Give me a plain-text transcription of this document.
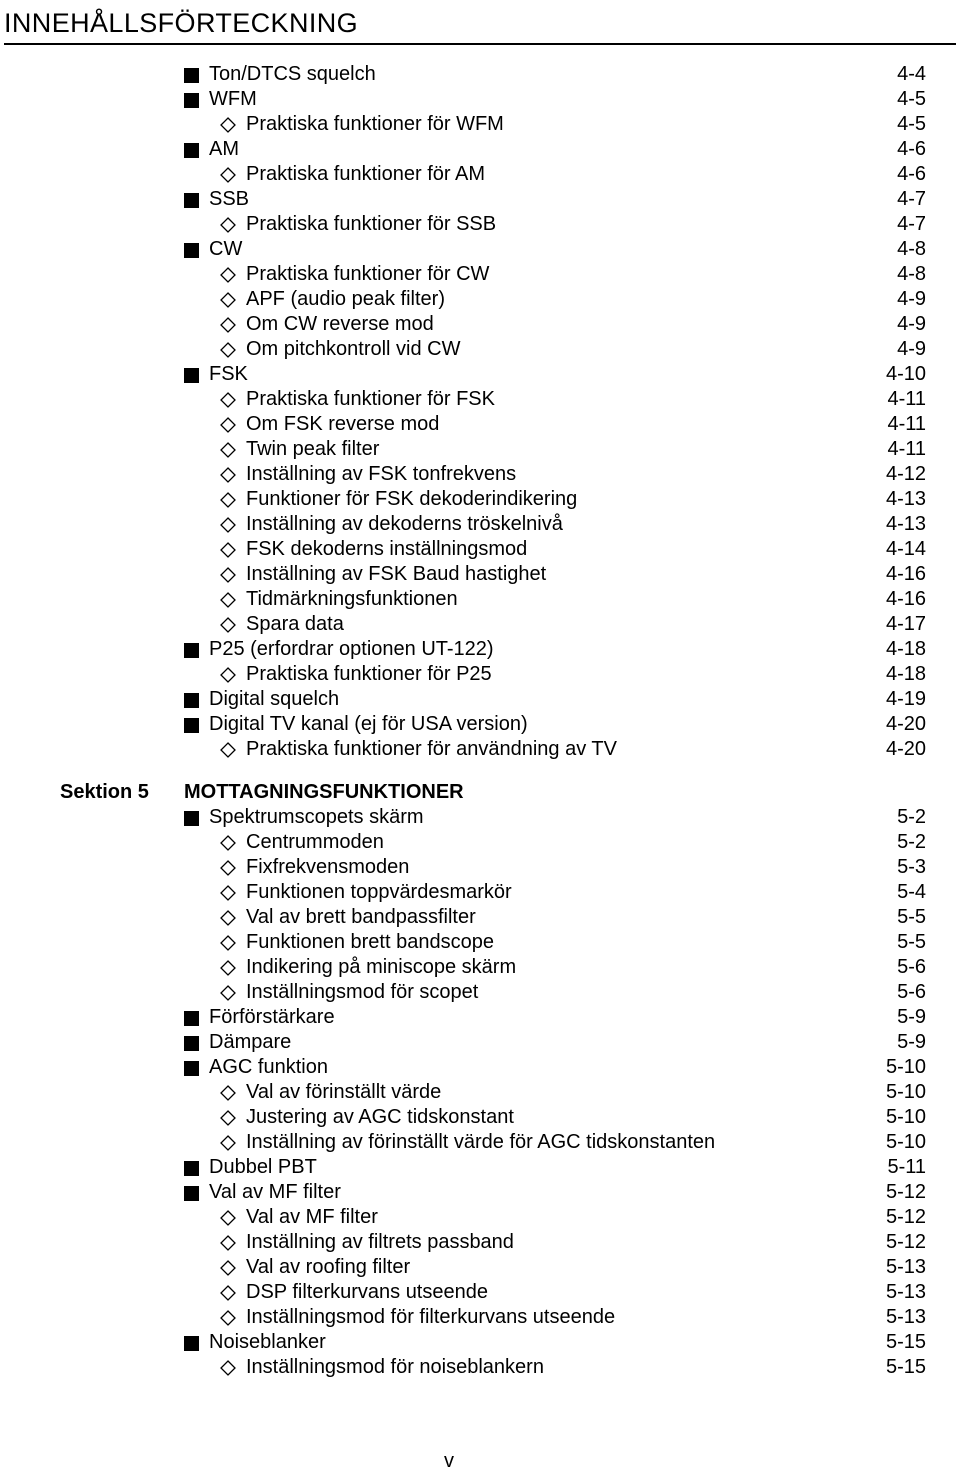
INNEHÅLLSFÖRTECKNING
Ton/DTCS squelch	4-4
WFM	4-5
Praktiska funktioner för WFM	4-5
AM	4-6
Praktiska funktioner för AM	4-6
SSB	4-7
Praktiska funktioner för SSB	4-7
CW	4-8
Praktiska funktioner för CW	4-8
APF (audio peak filter)	4-9
Om CW reverse mod	4-9
Om pitchkontroll vid CW	4-9
FSK	4-10
Praktiska funktioner för FSK	4-11
Om FSK reverse mod	4-11
Twin peak filter	4-11
Inställning av FSK tonfrekvens	4-12
Funktioner för FSK dekoderindikering	4-13
Inställning av dekoderns tröskelnivå	4-13
FSK dekoderns inställningsmod	4-14
Inställning av FSK Baud hastighet	4-16
Tidmärkningsfunktionen	4-16
Spara data	4-17
P25 (erfordrar optionen UT-122)	4-18
Praktiska funktioner för P25	4-18
Digital squelch	4-19
Digital TV kanal (ej för USA version)	4-20
Praktiska funktioner för användning av TV	4-20
Sektion 5 MOTTAGNINGSFUNKTIONER
Spektrumscopets skärm	5-2
Centrummoden	5-2
Fixfrekvensmoden	5-3
Funktionen toppvärdesmarkör	5-4
Val av brett bandpassfilter	5-5
Funktionen brett bandscope	5-5
Indikering på miniscope skärm	5-6
Inställningsmod för scopet	5-6
Förförstärkare	5-9
Dämpare	5-9
AGC funktion	5-10
Val av förinställt värde	5-10
Justering av AGC tidskonstant	5-10
Inställning av förinställt värde för AGC tidskonstanten	5-10
Dubbel PBT	5-11
Val av MF filter	5-12
Val av MF filter	5-12
Inställning av filtrets passband	5-12
Val av roofing filter	5-13
DSP filterkurvans utseende	5-13
Inställningsmod för filterkurvans utseende	5-13
Noiseblanker	5-15
Inställningsmod för noiseblankern	5-15
v
